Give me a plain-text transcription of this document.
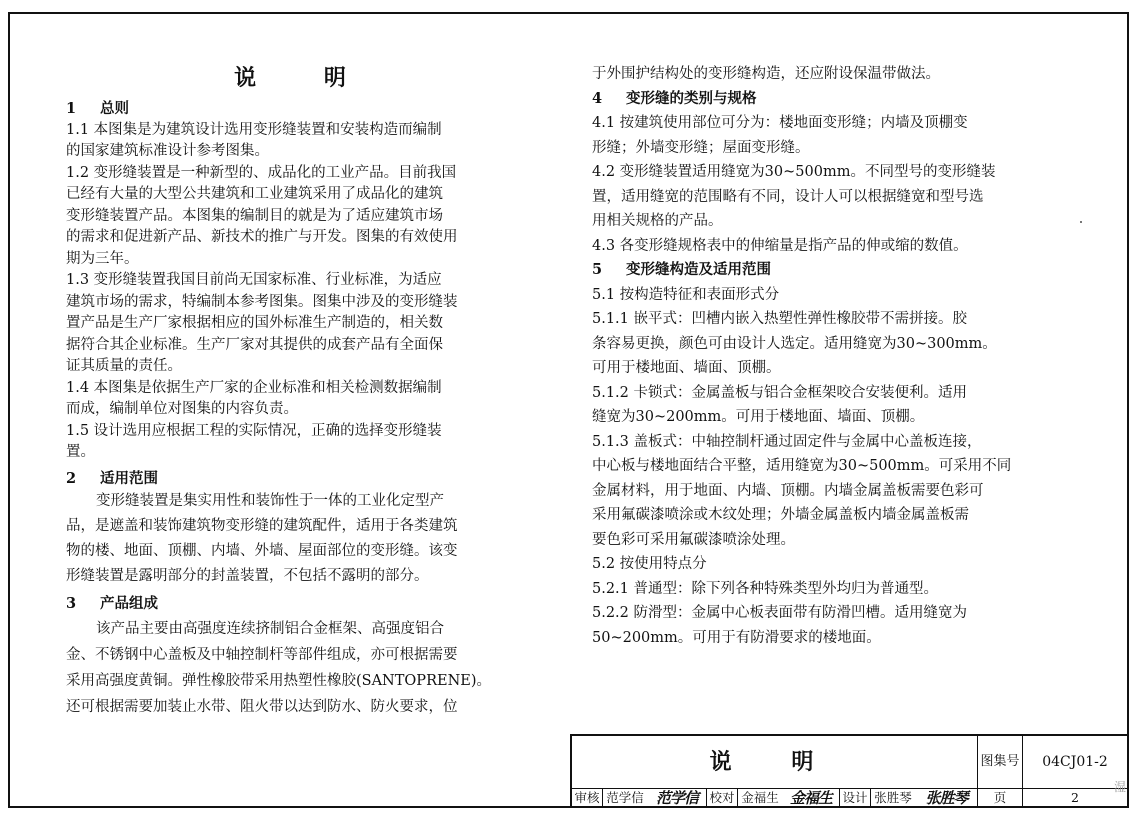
说 明
1 总则
1.1 本图集是为建筑设计选用变形缝装置和安装构造而编制
的国家建筑标准设计参考图集。
1.2 变形缝装置是一种新型的、成品化的工业产品。目前我国
已经有大量的大型公共建筑和工业建筑采用了成品化的建筑
变形缝装置产品。本图集的编制目的就是为了适应建筑市场
的需求和促进新产品、新技术的推广与开发。图集的有效使用
期为三年。
1.3 变形缝装置我国目前尚无国家标准、行业标准，为适应
建筑市场的需求，特编制本参考图集。图集中涉及的变形缝装
置产品是生产厂家根据相应的国外标准生产制造的，相关数
据符合其企业标准。生产厂家对其提供的成套产品有全面保
证其质量的责任。
1.4 本图集是依据生产厂家的企业标准和相关检测数据编制
而成，编制单位对图集的内容负责。
1.5 设计选用应根据工程的实际情况，正确的选择变形缝装
置。
2 适用范围
变形缝装置是集实用性和装饰性于一体的工业化定型产
品，是遮盖和装饰建筑物变形缝的建筑配件，适用于各类建筑
物的楼、地面、顶棚、内墙、外墙、屋面部位的变形缝。该变
形缝装置是露明部分的封盖装置，不包括不露明的部分。
3 产品组成
该产品主要由高强度连续挤制铝合金框架、高强度铝合
金、不锈钢中心盖板及中轴控制杆等部件组成，亦可根据需要
采用高强度黄铜。弹性橡胶带采用热塑性橡胶(SANTOPRENE)。
还可根据需要加装止水带、阻火带以达到防水、防火要求，位
于外围护结构处的变形缝构造，还应附设保温带做法。
4 变形缝的类别与规格
4.1 按建筑使用部位可分为：楼地面变形缝；内墙及顶棚变
形缝；外墙变形缝；屋面变形缝。
4.2 变形缝装置适用缝宽为30~500mm。不同型号的变形缝装
置，适用缝宽的范围略有不同，设计人可以根据缝宽和型号选
用相关规格的产品。
4.3 各变形缝规格表中的伸缩量是指产品的伸或缩的数值。
5 变形缝构造及适用范围
5.1 按构造特征和表面形式分
5.1.1 嵌平式：凹槽内嵌入热塑性弹性橡胶带不需拼接。胶
条容易更换，颜色可由设计人选定。适用缝宽为30~300mm。
可用于楼地面、墙面、顶棚。
5.1.2 卡锁式：金属盖板与铝合金框架咬合安装便利。适用
缝宽为30~200mm。可用于楼地面、墙面、顶棚。
5.1.3 盖板式：中轴控制杆通过固定件与金属中心盖板连接，
中心板与楼地面结合平整，适用缝宽为30~500mm。可采用不同
金属材料，用于地面、内墙、顶棚。内墙金属盖板需要色彩可
采用氟碳漆喷涂或木纹处理；外墙金属盖板内墙金属盖板需
要色彩可采用氟碳漆喷涂处理。
5.2 按使用特点分
5.2.1 普通型：除下列各种特殊类型外均归为普通型。
5.2.2 防滑型：金属中心板表面带有防滑凹槽。适用缝宽为
50~200mm。可用于有防滑要求的楼地面。
说 明	图集号	04CJ01-2
审核 范学信 范学信 校对 金福生 金福生 设计 张胜琴 张胜琴	页	2
湿
